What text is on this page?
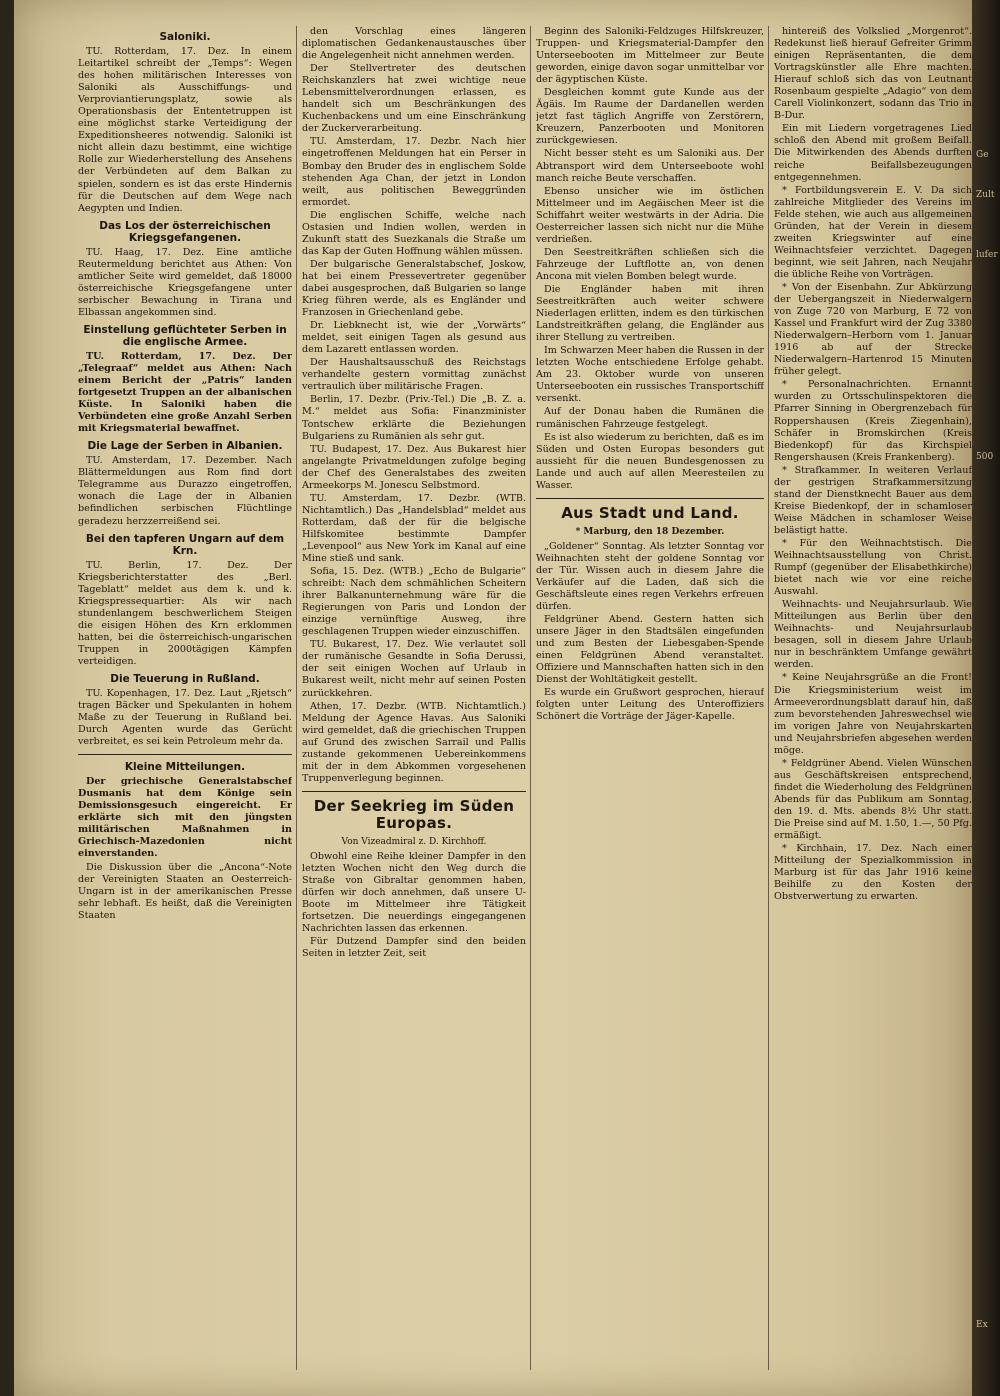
Saloniki.

TU. Rotterdam, 17. Dez. In einem Leitartikel schreibt der „Temps“: Wegen des hohen militärischen Interesses von Saloniki als Ausschiffungs- und Verproviantierungsplatz, sowie als Operationsbasis der Ententetruppen ist eine möglichst starke Verteidigung der Expeditionsheeres notwendig. Saloniki ist nicht allein dazu bestimmt, eine wichtige Rolle zur Wiederherstellung des Ansehens der Verbündeten auf dem Balkan zu spielen, sondern es ist das erste Hindernis für die Deutschen auf dem Wege nach Aegypten und Indien.

Das Los der österreichischen Kriegsgefangenen.

TU. Haag, 17. Dez. Eine amtliche Reutermeldung berichtet aus Athen: Von amtlicher Seite wird gemeldet, daß 18000 österreichische Kriegsgefangene unter serbischer Bewachung in Tirana und Elbassan angekommen sind.

Einstellung geflüchteter Serben in die englische Armee.

TU. Rotterdam, 17. Dez. Der „Telegraaf“ meldet aus Athen: Nach einem Bericht der „Patris“ landen fortgesetzt Truppen an der albanischen Küste. In Saloniki haben die Verbündeten eine große Anzahl Serben mit Kriegsmaterial bewaffnet.

Die Lage der Serben in Albanien.

TU. Amsterdam, 17. Dezember. Nach Blättermeldungen aus Rom find dort Telegramme aus Durazzo eingetroffen, wonach die Lage der in Albanien befindlichen serbischen Flüchtlinge geradezu herzzerreißend sei.

Bei den tapferen Ungarn auf dem Krn.

TU. Berlin, 17. Dez. Der Kriegsberichterstatter des „Berl. Tageblatt“ meldet aus dem k. und k. Kriegspressequartier: Als wir nach stundenlangem beschwerlichem Steigen die eisigen Höhen des Krn erklommen hatten, bei die österreichisch-ungarischen Truppen in 2000tägigen Kämpfen verteidigen.

Die Teuerung in Rußland.

TU. Kopenhagen, 17. Dez. Laut „Rjetsch“ tragen Bäcker und Spekulanten in hohem Maße zu der Teuerung in Rußland bei. Durch Agenten wurde das Gerücht verbreitet, es sei kein Petroleum mehr da.

Kleine Mitteilungen.

Der griechische Generalstabschef Dusmanis hat dem Könige sein Demissionsgesuch eingereicht. Er erklärte sich mit den jüngsten militärischen Maßnahmen in Griechisch-Mazedonien nicht einverstanden.

Die Diskussion über die „Ancona“-Note der Vereinigten Staaten an Oesterreich-Ungarn ist in der amerikanischen Presse sehr lebhaft. Es heißt, daß die Vereinigten Staaten

den Vorschlag eines längeren diplomatischen Gedankenaustausches über die Angelegenheit nicht annehmen werden.

Der Stellvertreter des deutschen Reichskanzlers hat zwei wichtige neue Lebensmittelverordnungen erlassen, es handelt sich um Beschränkungen des Kuchenbackens und um eine Einschränkung der Zuckerverarbeitung.

TU. Amsterdam, 17. Dezbr. Nach hier eingetroffenen Meldungen hat ein Perser in Bombay den Bruder des in englischem Solde stehenden Aga Chan, der jetzt in London weilt, aus politischen Beweggründen ermordet.

Die englischen Schiffe, welche nach Ostasien und Indien wollen, werden in Zukunft statt des Suezkanals die Straße um das Kap der Guten Hoffnung wählen müssen.

Der bulgarische Generalstabschef, Joskow, hat bei einem Pressevertreter gegenüber dabei ausgesprochen, daß Bulgarien so lange Krieg führen werde, als es Engländer und Franzosen in Griechenland gebe.

Dr. Liebknecht ist, wie der „Vorwärts“ meldet, seit einigen Tagen als gesund aus dem Lazarett entlassen worden.

Der Haushaltsausschuß des Reichstags verhandelte gestern vormittag zunächst vertraulich über militärische Fragen.

Berlin, 17. Dezbr. (Priv.-Tel.) Die „B. Z. a. M.“ meldet aus Sofia: Finanzminister Tontschew erklärte die Beziehungen Bulgariens zu Rumänien als sehr gut.

TU. Budapest, 17. Dez. Aus Bukarest hier angelangte Privatmeldungen zufolge beging der Chef des Generalstabes des zweiten Armeekorps M. Jonescu Selbstmord.

TU. Amsterdam, 17. Dezbr. (WTB. Nichtamtlich.) Das „Handelsblad“ meldet aus Rotterdam, daß der für die belgische Hilfskomitee bestimmte Dampfer „Levenpool“ aus New York im Kanal auf eine Mine stieß und sank.

Sofia, 15. Dez. (WTB.) „Echo de Bulgarie“ schreibt: Nach dem schmählichen Scheitern ihrer Balkanunternehmung wäre für die Regierungen von Paris und London der einzige vernünftige Ausweg, ihre geschlagenen Truppen wieder einzuschiffen.

TU. Bukarest, 17. Dez. Wie verlautet soll der rumänische Gesandte in Sofia Derussi, der seit einigen Wochen auf Urlaub in Bukarest weilt, nicht mehr auf seinen Posten zurückkehren.

Athen, 17. Dezbr. (WTB. Nichtamtlich.) Meldung der Agence Havas. Aus Saloniki wird gemeldet, daß die griechischen Truppen auf Grund des zwischen Sarrail und Pallis zustande gekommenen Uebereinkommens mit der in dem Abkommen vorgesehenen Truppenverlegung beginnen.

Der Seekrieg im Süden Europas.
Von Vizeadmiral z. D. Kirchhoff.

Obwohl eine Reihe kleiner Dampfer in den letzten Wochen nicht den Weg durch die Straße von Gibraltar genommen haben, dürfen wir doch annehmen, daß unsere U-Boote im Mittelmeer ihre Tätigkeit fortsetzen. Die neuerdings eingegangenen Nachrichten lassen das erkennen.

Für Dutzend Dampfer sind den beiden Seiten in letzter Zeit, seit

Beginn des Saloniki-Feldzuges Hilfskreuzer, Truppen- und Kriegsmaterial-Dampfer den Unterseebooten im Mittelmeer zur Beute geworden, einige davon sogar unmittelbar vor der ägyptischen Küste.

Desgleichen kommt gute Kunde aus der Ägäis. Im Raume der Dardanellen werden jetzt fast täglich Angriffe von Zerstörern, Kreuzern, Panzerbooten und Monitoren zurückgewiesen.

Nicht besser steht es um Saloniki aus. Der Abtransport wird dem Unterseeboote wohl manch reiche Beute verschaffen.

Ebenso unsicher wie im östlichen Mittelmeer und im Aegäischen Meer ist die Schiffahrt weiter westwärts in der Adria. Die Oesterreicher lassen sich nicht nur die Mühe verdrießen.

Den Seestreitkräften schließen sich die Fahrzeuge der Luftflotte an, von denen Ancona mit vielen Bomben belegt wurde.

Die Engländer haben mit ihren Seestreitkräften auch weiter schwere Niederlagen erlitten, indem es den türkischen Landstreitkräften gelang, die Engländer aus ihrer Stellung zu vertreiben.

Im Schwarzen Meer haben die Russen in der letzten Woche entschiedene Erfolge gehabt. Am 23. Oktober wurde von unseren Unterseebooten ein russisches Transportschiff versenkt.

Auf der Donau haben die Rumänen die rumänischen Fahrzeuge festgelegt.

Es ist also wiederum zu berichten, daß es im Süden und Osten Europas besonders gut aussieht für die neuen Bundesgenossen zu Lande und auch auf allen Meeresteilen zu Wasser.

Aus Stadt und Land.
* Marburg, den 18 Dezember.

„Goldener“ Sonntag. Als letzter Sonntag vor Weihnachten steht der goldene Sonntag vor der Tür. Wissen auch in diesem Jahre die Verkäufer auf die Laden, daß sich die Geschäftsleute eines regen Verkehrs erfreuen dürfen.

Feldgrüner Abend. Gestern hatten sich unsere Jäger in den Stadtsälen eingefunden und zum Besten der Liebesgaben-Spende einen Feldgrünen Abend veranstaltet. Offiziere und Mannschaften hatten sich in den Dienst der Wohltätigkeit gestellt.

Es wurde ein Grußwort gesprochen, hierauf folgten unter Leitung des Unteroffiziers Schönert die Vorträge der Jäger-Kapelle.

hintereiß des Volkslied „Morgenrot“. Redekunst ließ hierauf Gefreiter Grimm einigen Repräsentanten, die dem Vortragskünstler alle Ehre machten. Hierauf schloß sich das von Leutnant Rosenbaum gespielte „Adagio“ von dem Carell Violinkonzert, sodann das Trio in B-Dur.

Ein mit Liedern vorgetragenes Lied schloß den Abend mit großem Beifall. Die Mitwirkenden des Abends durften reiche Beifallsbezeugungen entgegennehmen.

* Fortbildungsverein E. V. Da sich zahlreiche Mitglieder des Vereins im Felde stehen, wie auch aus allgemeinen Gründen, hat der Verein in diesem zweiten Kriegswinter auf eine Weihnachtsfeier verzichtet. Dagegen beginnt, wie seit Jahren, nach Neujahr die übliche Reihe von Vorträgen.

* Von der Eisenbahn. Zur Abkürzung der Uebergangszeit in Niederwalgern von Zuge 720 von Marburg, E 72 von Kassel und Frankfurt wird der Zug 3380 Niederwalgern–Herborn vom 1. Januar 1916 ab auf der Strecke Niederwalgern–Hartenrod 15 Minuten früher gelegt.

* Personalnachrichten. Ernannt wurden zu Ortsschulinspektoren die Pfarrer Sinning in Obergrenzebach für Roppershausen (Kreis Ziegenhain), Schäfer in Bromskirchen (Kreis Biedenkopf) für das Kirchspiel Rengershausen (Kreis Frankenberg).

* Strafkammer. In weiteren Verlauf der gestrigen Strafkammersitzung stand der Dienstknecht Bauer aus dem Kreise Biedenkopf, der in schamloser Weise Mädchen in schamloser Weise belästigt hatte.

* Für den Weihnachtstisch. Die Weihnachtsausstellung von Christ. Rumpf (gegenüber der Elisabethkirche) bietet nach wie vor eine reiche Auswahl.

Weihnachts- und Neujahrsurlaub. Wie Mitteilungen aus Berlin über den Weihnachts- und Neujahrsurlaub besagen, soll in diesem Jahre Urlaub nur in beschränktem Umfange gewährt werden.

* Keine Neujahrsgrüße an die Front! Die Kriegsministerium weist im Armeeverordnungsblatt darauf hin, daß zum bevorstehenden Jahreswechsel wie im vorigen Jahre von Neujahrskarten und Neujahrsbriefen abgesehen werden möge.

* Feldgrüner Abend. Vielen Wünschen aus Geschäftskreisen entsprechend, findet die Wiederholung des Feldgrünen Abends für das Publikum am Sonntag, den 19. d. Mts. abends 8½ Uhr statt. Die Preise sind auf M. 1.50, 1.—, 50 Pfg. ermäßigt.

* Kirchhain, 17. Dez. Nach einer Mitteilung der Spezialkommission in Marburg ist für das Jahr 1916 keine Beihilfe zu den Kosten der Obstverwertung zu erwarten.

Ge
Zult
lufer
500
Ex
